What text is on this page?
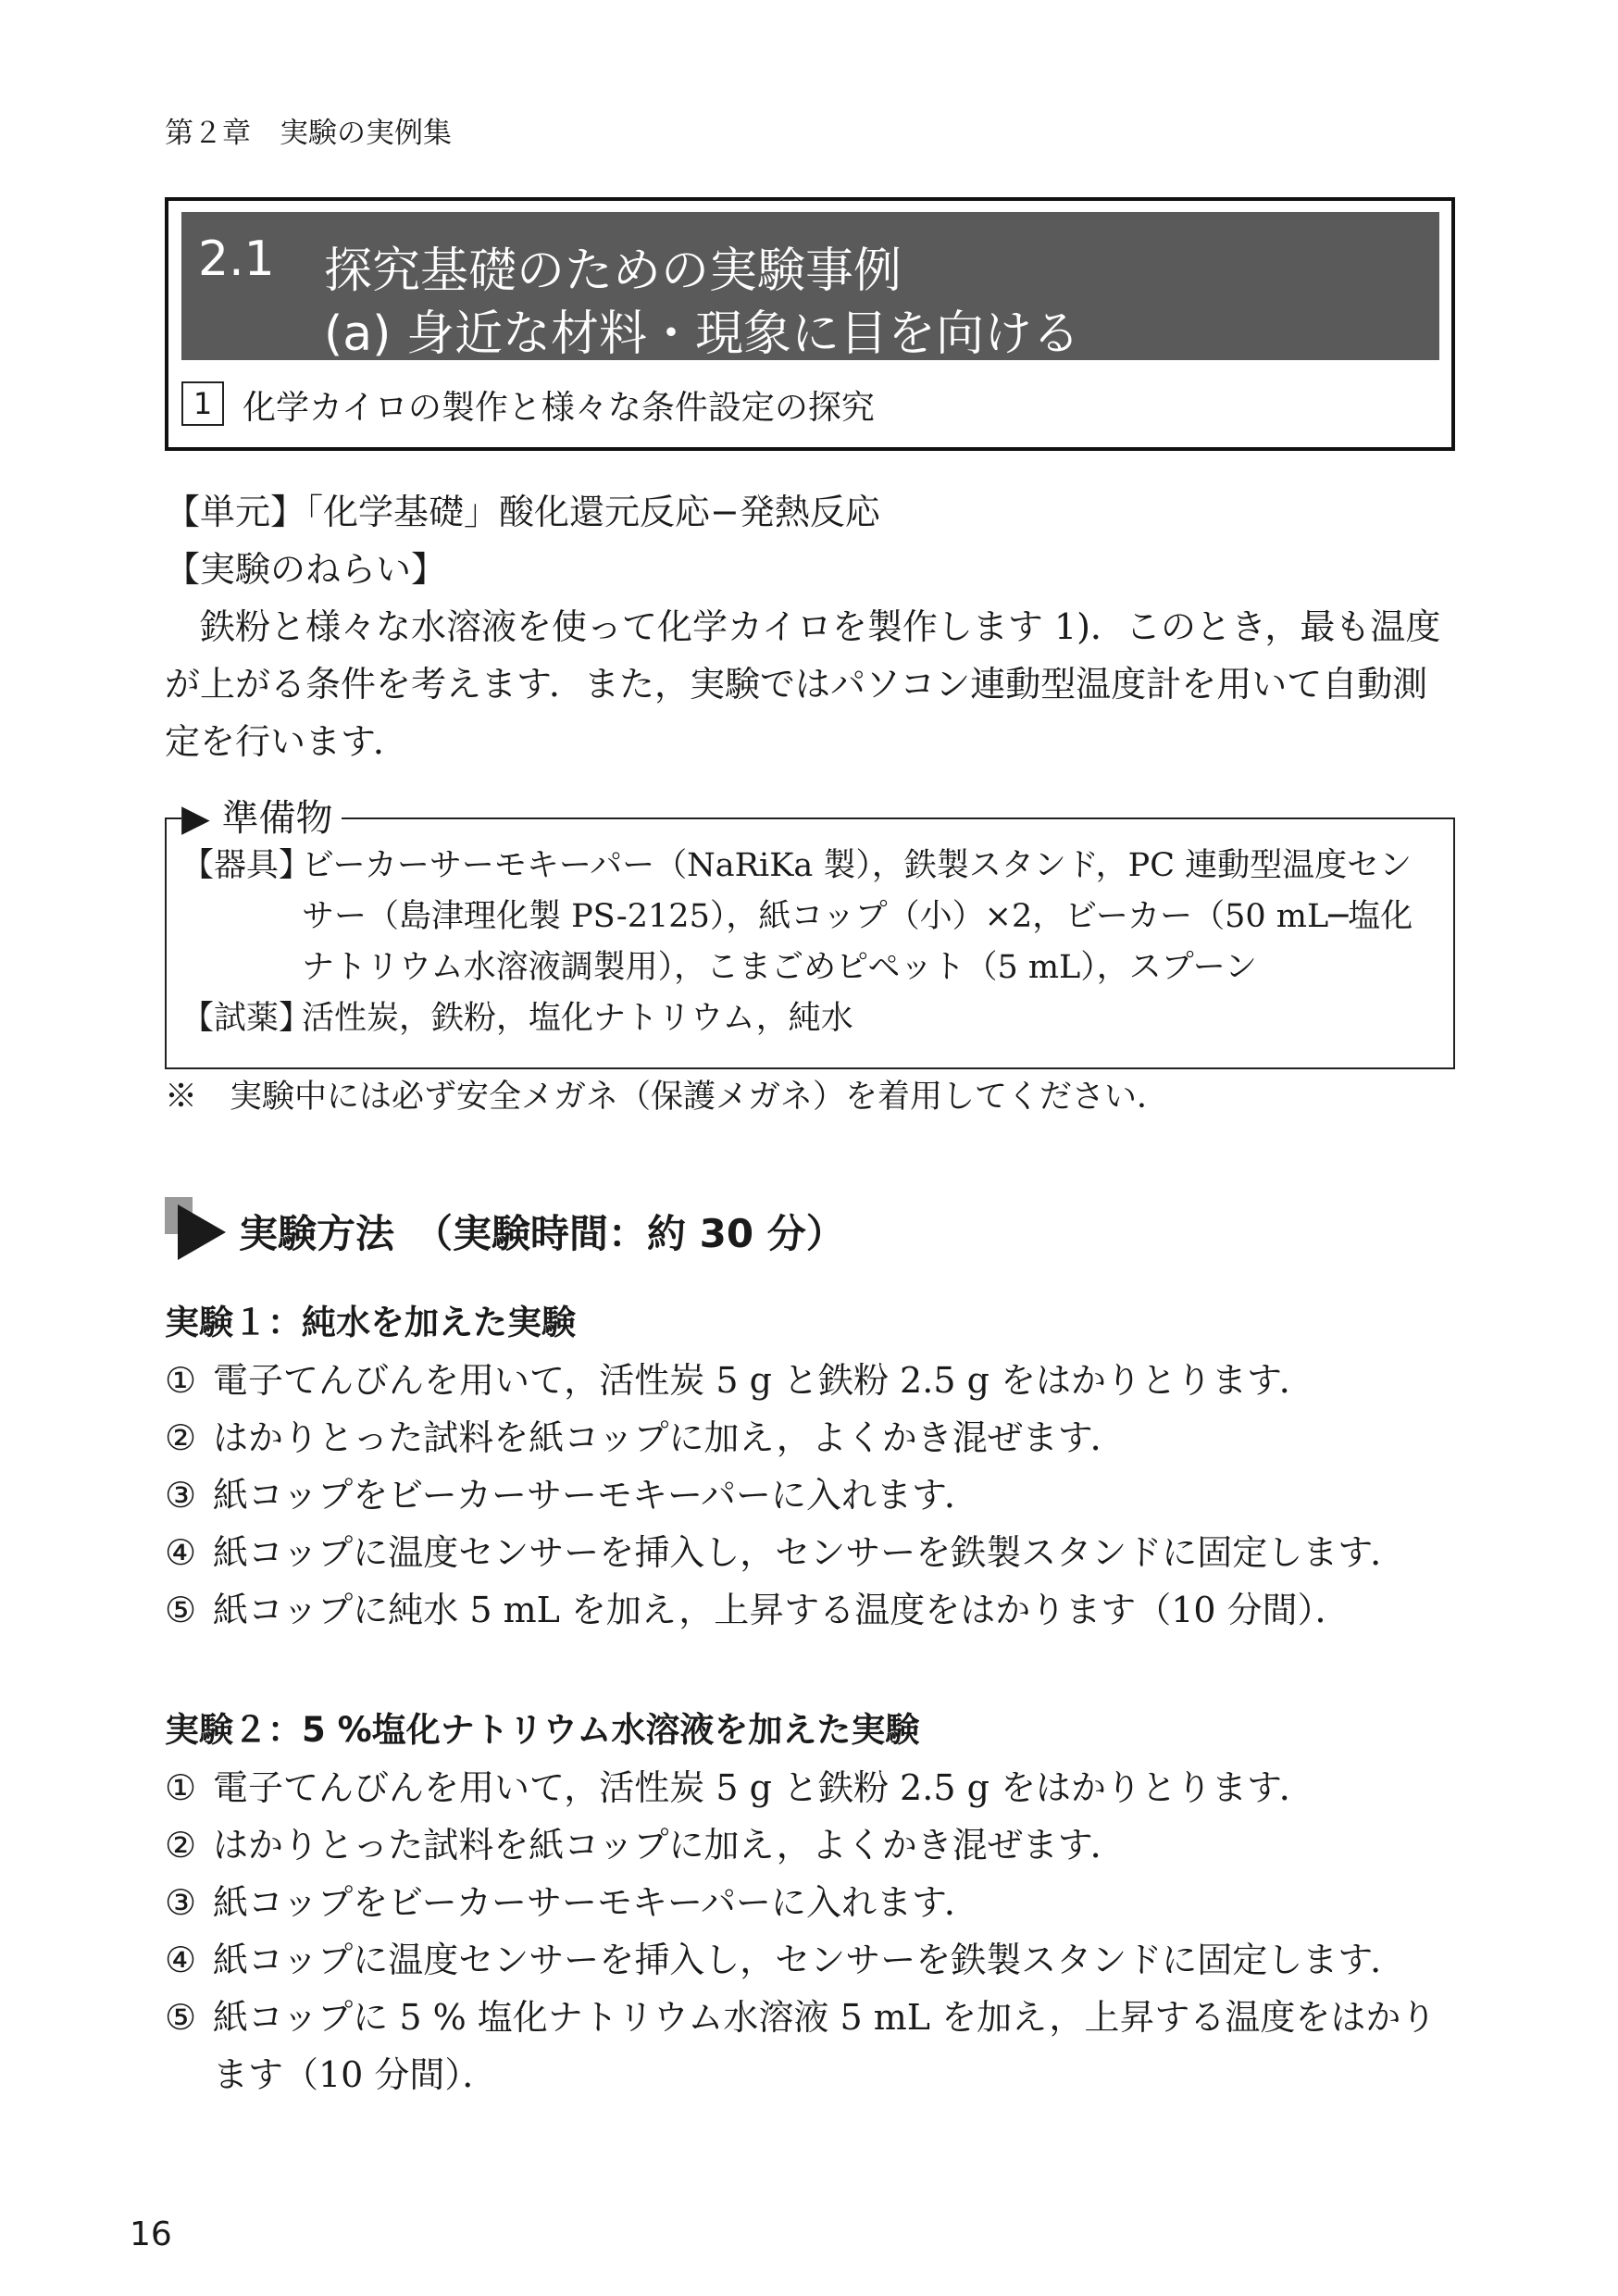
第２章　実験の実例集
2.1 探究基礎のための実験事例
(a) 身近な材料・現象に目を向ける
1 化学カイロの製作と様々な条件設定の探究
【単元】「化学基礎」酸化還元反応−発熱反応
【実験のねらい】
鉄粉と様々な水溶液を使って化学カイロを製作します 1)．このとき，最も温度が上がる条件を考えます．また，実験ではパソコン連動型温度計を用いて自動測定を行います．
▶ 準備物
【器具】
ビーカーサーモキーパー（NaRiKa 製），鉄製スタンド，PC 連動型温度センサー（島津理化製 PS-2125），紙コップ（小）×2，ビーカー（50 mL─塩化ナトリウム水溶液調製用），こまごめピペット（5 mL），スプーン
【試薬】
活性炭，鉄粉，塩化ナトリウム，純水
※　実験中には必ず安全メガネ（保護メガネ）を着用してください．
実験方法　（実験時間：約 30 分）
実験１：純水を加えた実験
① 電子てんびんを用いて，活性炭 5 g と鉄粉 2.5 g をはかりとります．
② はかりとった試料を紙コップに加え，よくかき混ぜます．
③ 紙コップをビーカーサーモキーパーに入れます．
④ 紙コップに温度センサーを挿入し，センサーを鉄製スタンドに固定します．
⑤ 紙コップに純水 5 mL を加え，上昇する温度をはかります（10 分間）．
実験２：5 %塩化ナトリウム水溶液を加えた実験
① 電子てんびんを用いて，活性炭 5 g と鉄粉 2.5 g をはかりとります．
② はかりとった試料を紙コップに加え，よくかき混ぜます．
③ 紙コップをビーカーサーモキーパーに入れます．
④ 紙コップに温度センサーを挿入し，センサーを鉄製スタンドに固定します．
⑤ 紙コップに 5 % 塩化ナトリウム水溶液 5 mL を加え，上昇する温度をはかります（10 分間）．
16
